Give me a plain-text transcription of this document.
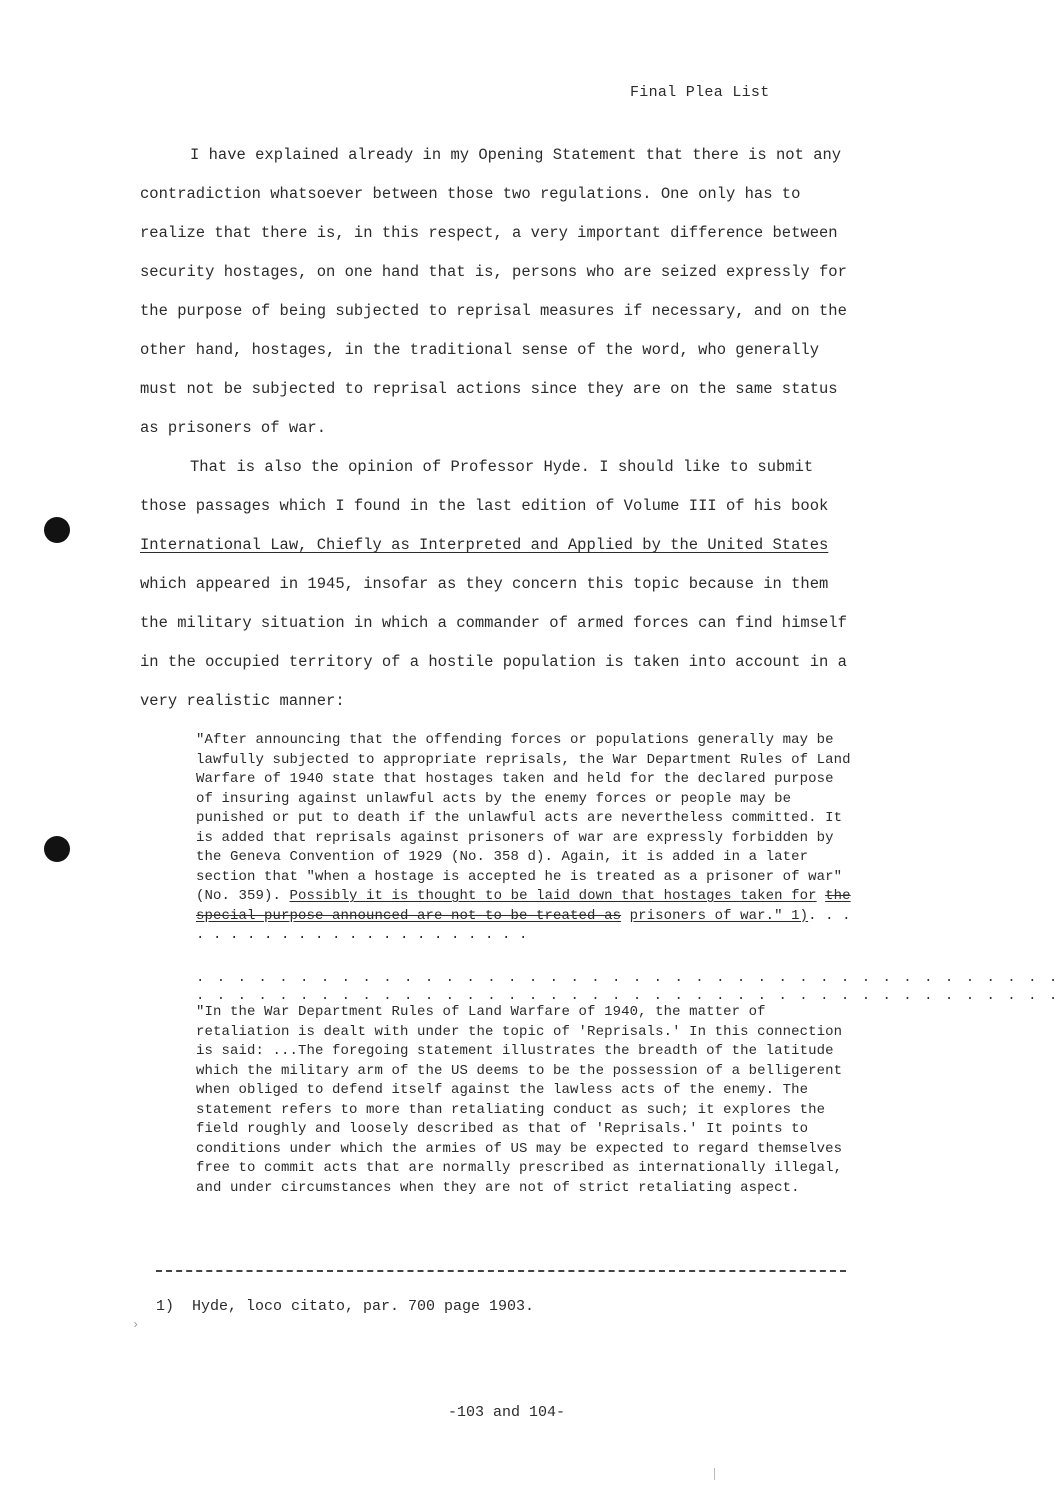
Final Plea List

I have explained already in my Opening Statement that there is not any contradiction whatsoever between those two regulations. One only has to realize that there is, in this respect, a very important difference between security hostages, on one hand that is, persons who are seized expressly for the purpose of being subjected to reprisal measures if necessary, and on the other hand, hostages, in the traditional sense of the word, who generally must not be subjected to reprisal actions since they are on the same status as prisoners of war.

That is also the opinion of Professor Hyde. I should like to submit those passages which I found in the last edition of Volume III of his book International Law, Chiefly as Interpreted and Applied by the United States which appeared in 1945, insofar as they concern this topic because in them the military situation in which a commander of armed forces can find himself in the occupied territory of a hostile population is taken into account in a very realistic manner:

"After announcing that the offending forces or populations generally may be lawfully subjected to appropriate reprisals, the War Department Rules of Land Warfare of 1940 state that hostages taken and held for the declared purpose of insuring against unlawful acts by the enemy forces or people may be punished or put to death if the unlawful acts are nevertheless committed. It is added that reprisals against prisoners of war are expressly forbidden by the Geneva Convention of 1929 (No. 358 d). Again, it is added in a later section that "when a hostage is accepted he is treated as a prisoner of war" (No. 359). Possibly it is thought to be laid down that hostages taken for the special purpose announced are not to be treated as prisoners of war." 1). . . . . . . . . . . . . . . . . . . . . . .

. . . . . . . . . . . . . . . . . . . . . . . . . . . . . . . . . . . . . . . . . .
. . . . . . . . . . . . . . . . . . . . . . . . . . . . . . . . . . . . . . . . . .

"In the War Department Rules of Land Warfare of 1940, the matter of retaliation is dealt with under the topic of 'Reprisals.' In this connection is said: ...The foregoing statement illustrates the breadth of the latitude which the military arm of the US deems to be the possession of a belligerent when obliged to defend itself against the lawless acts of the enemy. The statement refers to more than retaliating conduct as such; it explores the field roughly and loosely described as that of 'Reprisals.' It points to conditions under which the armies of US may be expected to regard themselves free to commit acts that are normally prescribed as internationally illegal, and under circumstances when they are not of strict retaliating aspect.

1) Hyde, loco citato, par. 700 page 1903.
-103 and 104-
›
